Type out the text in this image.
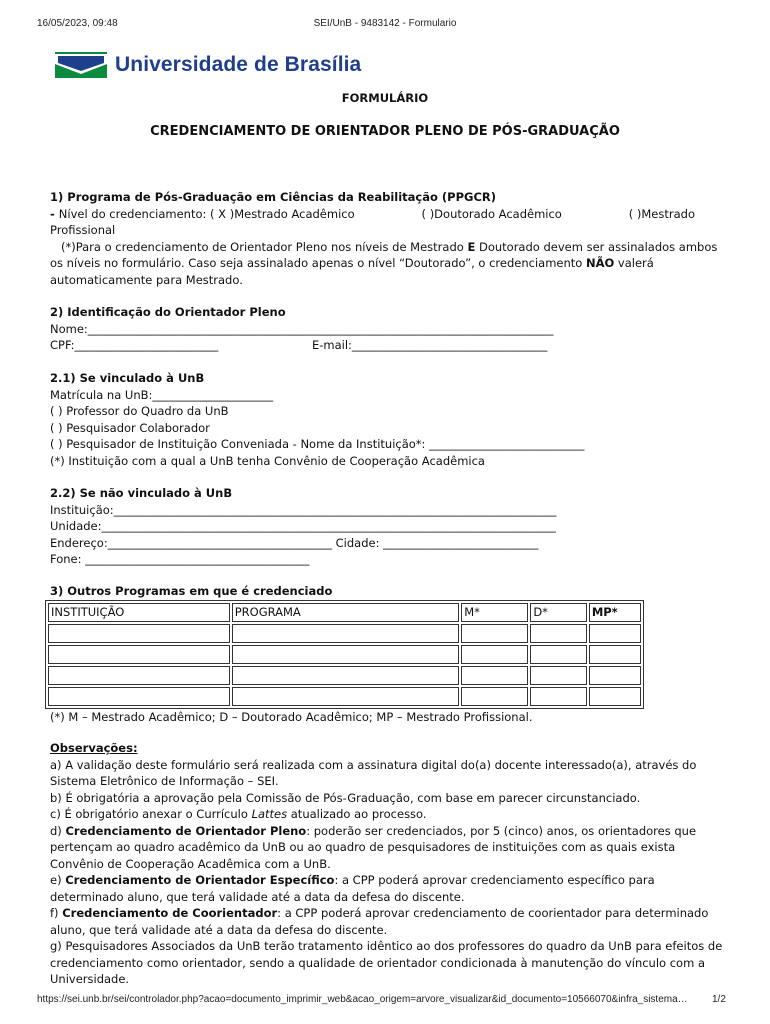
16/05/2023, 09:48	SEI/UnB - 9483142 - Formulario
Universidade de Brasília
FORMULÁRIO
CREDENCIAMENTO DE ORIENTADOR PLENO DE PÓS-GRADUAÇÃO

1) Programa de Pós-Graduação em Ciências da Reabilitação (PPGCR)

- Nível do credenciamento: ( X )Mestrado Acadêmico	( )Doutorado Acadêmico	( )Mestrado

Profissional

(*)Para o credenciamento de Orientador Pleno nos níveis de Mestrado E Doutorado devem ser assinalados ambos os níveis no formulário. Caso seja assinalado apenas o nível “Doutorado”, o credenciamento NÃO valerá automaticamente para Mestrado.

2) Identificação do Orientador Pleno

Nome:_________________________________________________________________________________

CPF:_________________________	E-mail:__________________________________

2.1) Se vinculado à UnB

Matrícula na UnB:_____________________

( ) Professor do Quadro da UnB

( ) Pesquisador Colaborador

( ) Pesquisador de Instituição Conveniada - Nome da Instituição*: ___________________________

(*) Instituição com a qual a UnB tenha Convênio de Cooperação Acadêmica

2.2) Se não vinculado à UnB

Instituição:_____________________________________________________________________________

Unidade:_______________________________________________________________________________

Endereço:_______________________________________ Cidade: ___________________________

Fone: _______________________________________

3) Outros Programas em que é credenciado

INSTITUIÇÃO	PROGRAMA	M*	D*	MP*

(*) M – Mestrado Acadêmico; D – Doutorado Acadêmico; MP – Mestrado Profissional.

Observações:

a) A validação deste formulário será realizada com a assinatura digital do(a) docente interessado(a), através do Sistema Eletrônico de Informação – SEI.

b) É obrigatória a aprovação pela Comissão de Pós-Graduação, com base em parecer circunstanciado.

c) É obrigatório anexar o Currículo Lattes atualizado ao processo.

d) Credenciamento de Orientador Pleno: poderão ser credenciados, por 5 (cinco) anos, os orientadores que pertençam ao quadro acadêmico da UnB ou ao quadro de pesquisadores de instituições com as quais exista Convênio de Cooperação Acadêmica com a UnB.

e) Credenciamento de Orientador Específico: a CPP poderá aprovar credenciamento específico para determinado aluno, que terá validade até a data da defesa do discente.

f) Credenciamento de Coorientador: a CPP poderá aprovar credenciamento de coorientador para determinado aluno, que terá validade até a data da defesa do discente.

g) Pesquisadores Associados da UnB terão tratamento idêntico ao dos professores do quadro da UnB para efeitos de credenciamento como orientador, sendo a qualidade de orientador condicionada à manutenção do vínculo com a Universidade.

https://sei.unb.br/sei/controlador.php?acao=documento_imprimir_web&acao_origem=arvore_visualizar&id_documento=10566070&infra_sistema…	1/2
